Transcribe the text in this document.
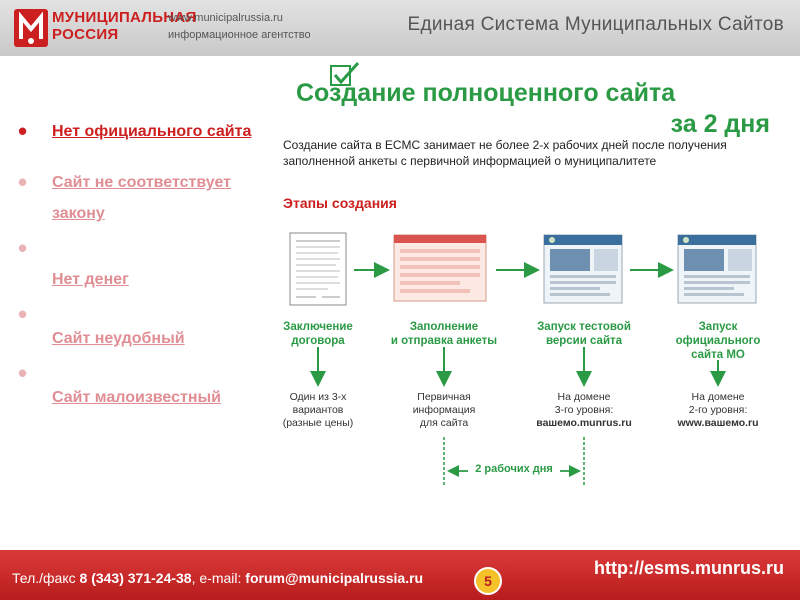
МУНИЦИПАЛЬНАЯ
РОССИЯ
www.municipalrussia.ru
информационное агентство	Единая Система Муниципальных Сайтов
Создание полноценного сайта
за 2 дня
• Нет официального сайта
• Сайт не соответствует закону
•
Нет денег
•
Сайт неудобный
•
Сайт малоизвестный
Создание сайта в ЕСМС занимает не более 2-х рабочих дней после получения
заполненной анкеты с первичной информацией о муниципалитете
Этапы создания
Заключение
договора
Заполнение
и отправка анкеты
Запуск тестовой
версии сайта
Запуск
официального
сайта МО
Один из 3-х
вариантов
(разные цены)
Первичная
информация
для сайта
На домене
3-го уровня:
вашемо.munrus.ru
На домене
2-го уровня:
www.вашемо.ru
2 рабочих дня
Тел./факс 8 (343) 371-24-38, e-mail: forum@municipalrussia.ru	5
http://esms.munrus.ru
